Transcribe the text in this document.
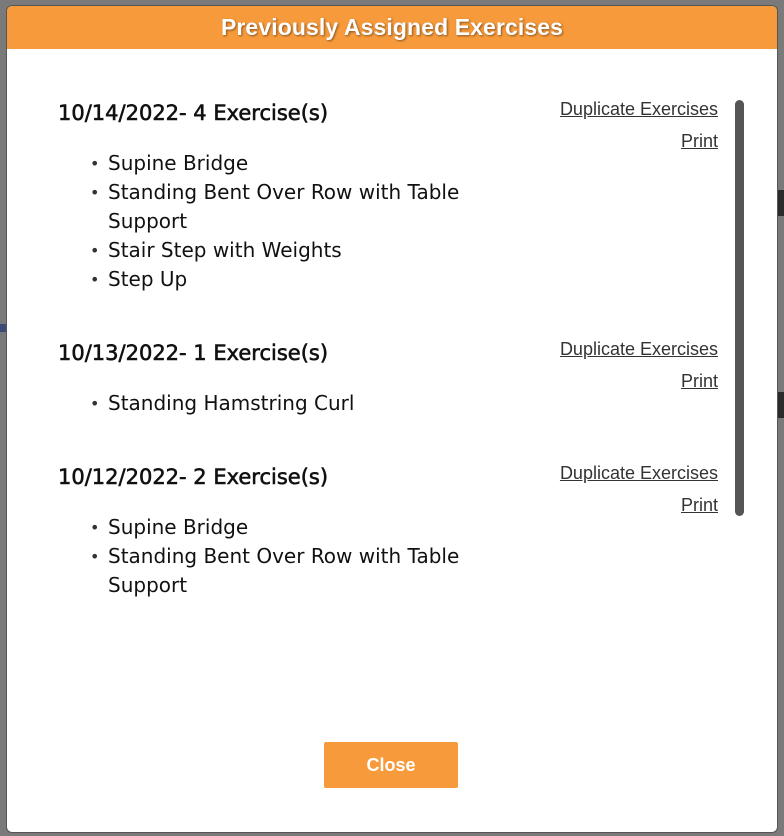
Previously Assigned Exercises
10/14/2022- 4 Exercise(s)	Duplicate Exercises
Print
• Supine Bridge
• Standing Bent Over Row with Table Support
• Stair Step with Weights
• Step Up
10/13/2022- 1 Exercise(s)	Duplicate Exercises
Print
• Standing Hamstring Curl
10/12/2022- 2 Exercise(s)	Duplicate Exercises
Print
• Supine Bridge
• Standing Bent Over Row with Table Support
Close
